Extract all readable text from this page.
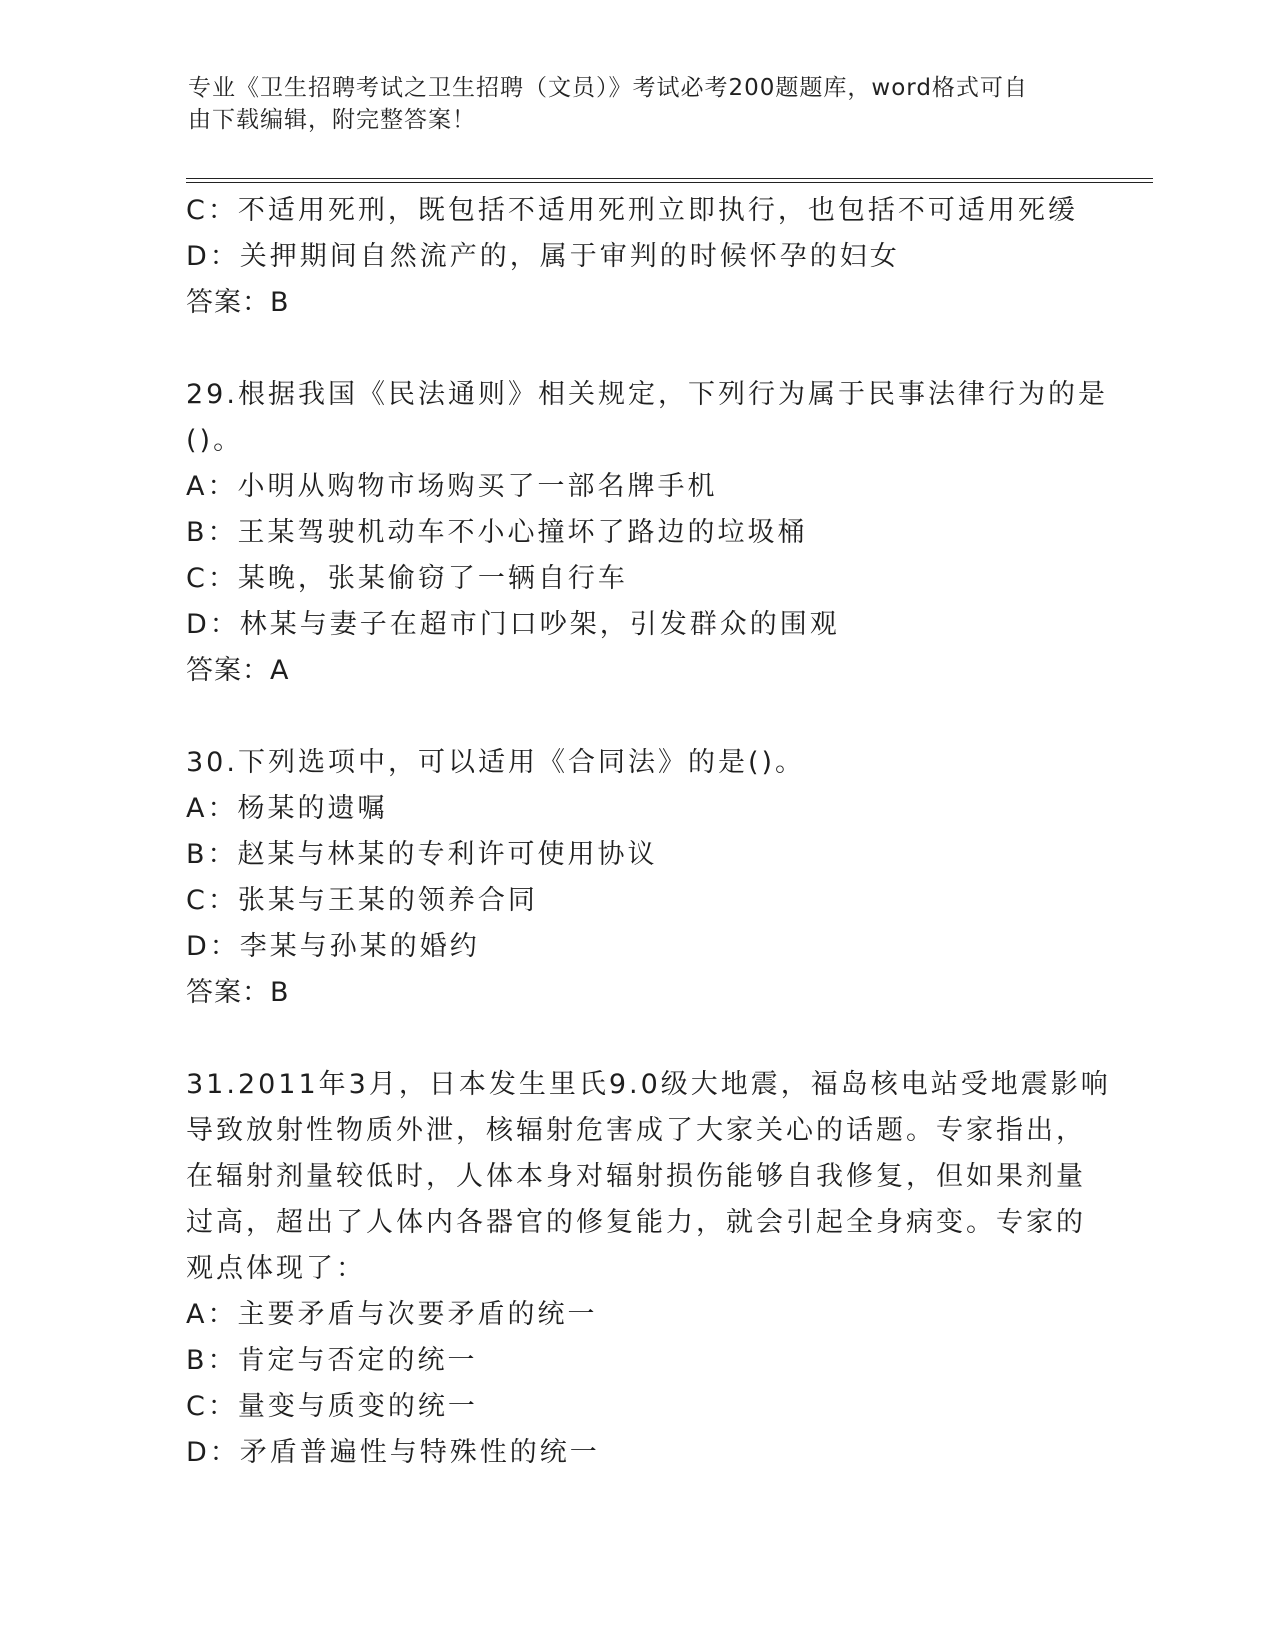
专业《卫生招聘考试之卫生招聘（文员）》考试必考200题题库，word格式可自
由下载编辑，附完整答案！
C：不适用死刑，既包括不适用死刑立即执行，也包括不可适用死缓
D：关押期间自然流产的，属于审判的时候怀孕的妇女
答案：B
29.根据我国《民法通则》相关规定，下列行为属于民事法律行为的是
()。
A：小明从购物市场购买了一部名牌手机
B：王某驾驶机动车不小心撞坏了路边的垃圾桶
C：某晚，张某偷窃了一辆自行车
D：林某与妻子在超市门口吵架，引发群众的围观
答案：A
30.下列选项中，可以适用《合同法》的是()。
A：杨某的遗嘱
B：赵某与林某的专利许可使用协议
C：张某与王某的领养合同
D：李某与孙某的婚约
答案：B
31.2011年3月，日本发生里氏9.0级大地震，福岛核电站受地震影响
导致放射性物质外泄，核辐射危害成了大家关心的话题。专家指出，
在辐射剂量较低时，人体本身对辐射损伤能够自我修复，但如果剂量
过高，超出了人体内各器官的修复能力，就会引起全身病变。专家的
观点体现了：
A：主要矛盾与次要矛盾的统一
B：肯定与否定的统一
C：量变与质变的统一
D：矛盾普遍性与特殊性的统一
